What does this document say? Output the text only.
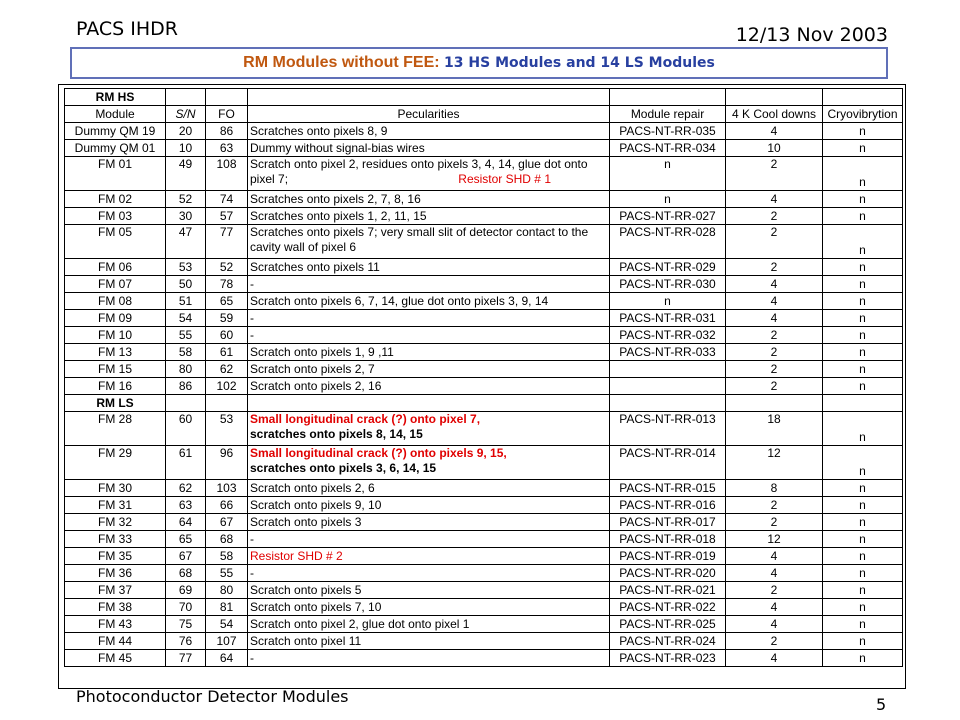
PACS IHDR	12/13 Nov 2003
RM Modules without FEE: 13 HS Modules and 14 LS Modules
RM HS						
Module	S/N	FO	Pecularities	Module repair	4 K Cool downs	Cryovibrytion
Dummy QM 19	20	86	Scratches onto pixels 8, 9	PACS-NT-RR-035	4	n
Dummy QM 01	10	63	Dummy without signal-bias wires	PACS-NT-RR-034	10	n
FM 01	49	108	Scratch onto pixel 2, residues onto pixels 3, 4, 14, glue dot onto pixel 7; Resistor SHD # 1	n	2	n
FM 02	52	74	Scratches onto pixels 2, 7, 8, 16	n	4	n
FM 03	30	57	Scratches onto pixels 1, 2, 11, 15	PACS-NT-RR-027	2	n
FM 05	47	77	Scratches onto pixels 7; very small slit of detector contact to the cavity wall of pixel 6	PACS-NT-RR-028	2	n
FM 06	53	52	Scratches onto pixels 11	PACS-NT-RR-029	2	n
FM 07	50	78	-	PACS-NT-RR-030	4	n
FM 08	51	65	Scratch onto pixels 6, 7, 14, glue dot onto pixels 3, 9, 14	n	4	n
FM 09	54	59	-	PACS-NT-RR-031	4	n
FM 10	55	60	-	PACS-NT-RR-032	2	n
FM 13	58	61	Scratch onto pixels 1, 9 ,11	PACS-NT-RR-033	2	n
FM 15	80	62	Scratch onto pixels 2, 7		2	n
FM 16	86	102	Scratch onto pixels 2, 16		2	n
RM LS						
FM 28	60	53	Small longitudinal crack (?) onto pixel 7,
scratches onto pixels 8, 14, 15	PACS-NT-RR-013	18	n
FM 29	61	96	Small longitudinal crack (?) onto pixels 9, 15,
scratches onto pixels 3, 6, 14, 15	PACS-NT-RR-014	12	n
FM 30	62	103	Scratch onto pixels 2, 6	PACS-NT-RR-015	8	n
FM 31	63	66	Scratch onto pixels 9, 10	PACS-NT-RR-016	2	n
FM 32	64	67	Scratch onto pixels 3	PACS-NT-RR-017	2	n
FM 33	65	68	-	PACS-NT-RR-018	12	n
FM 35	67	58	Resistor SHD # 2	PACS-NT-RR-019	4	n
FM 36	68	55	-	PACS-NT-RR-020	4	n
FM 37	69	80	Scratch onto pixels 5	PACS-NT-RR-021	2	n
FM 38	70	81	Scratch onto pixels 7, 10	PACS-NT-RR-022	4	n
FM 43	75	54	Scratch onto pixel 2, glue dot onto pixel 1	PACS-NT-RR-025	4	n
FM 44	76	107	Scratch onto pixel 11	PACS-NT-RR-024	2	n
FM 45	77	64	-	PACS-NT-RR-023	4	n
Photoconductor Detector Modules	5
